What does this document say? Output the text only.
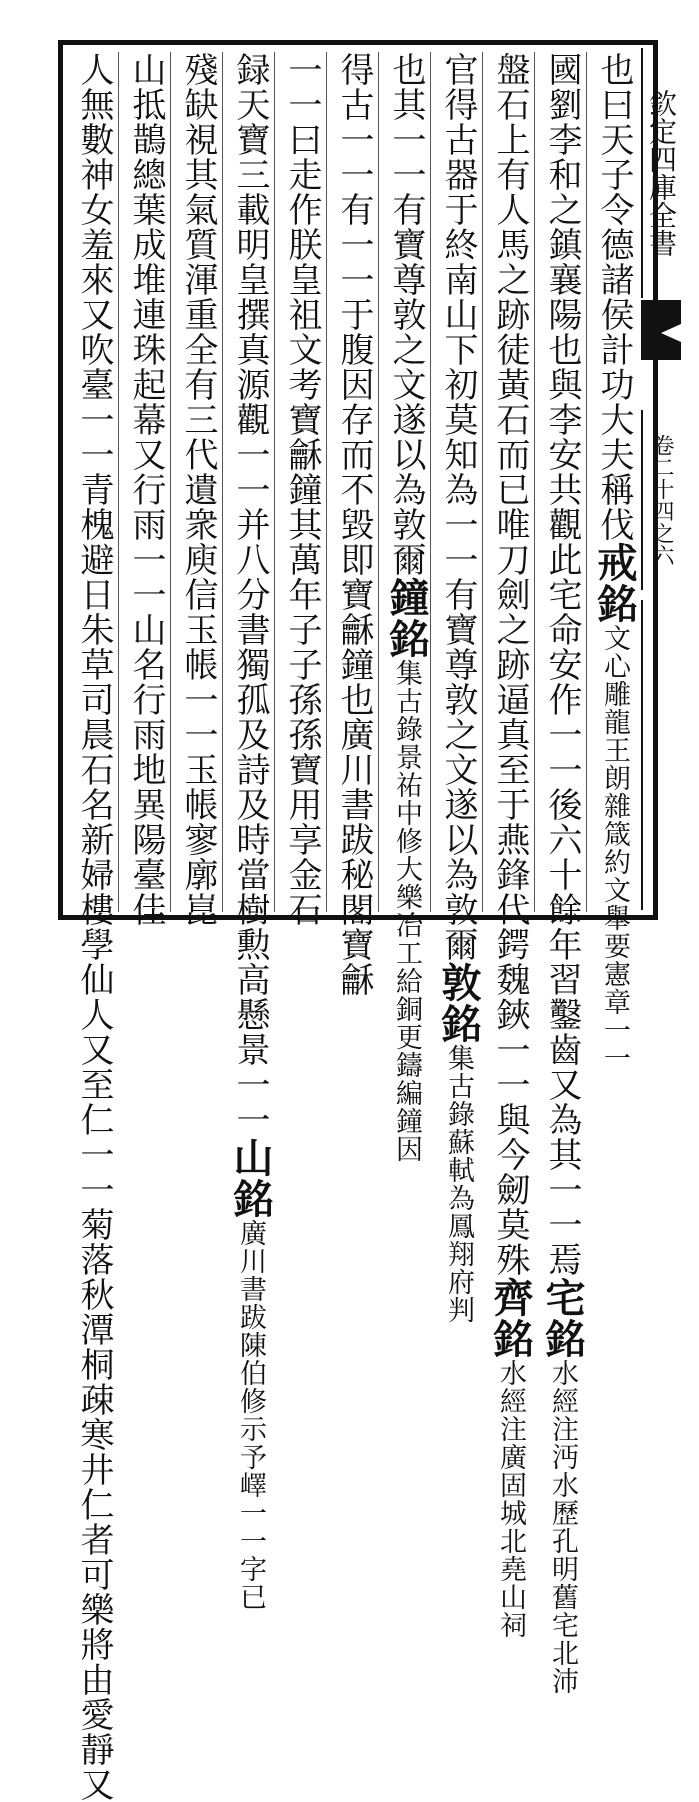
欽定四庫全書
卷二十四之六
也曰天子令德諸侯計功大夫稱伐戒銘文心雕龍王朗雜箴約文舉要憲章一一
國劉李和之鎮襄陽也與李安共觀此宅命安作一一後六十餘年習鑿齒又為其一一焉宅銘水經注沔水歷孔明舊宅北沛
盤石上有人馬之跡徒黃石而已唯刀劍之跡逼真至于燕鋒代鍔魏鋏一一與今劒莫殊齊銘水經注廣固城北堯山祠
官得古器于終南山下初莫知為一一有寶尊敦之文遂以為敦爾敦銘集古錄蘇軾為鳳翔府判
也其一一有寶尊敦之文遂以為敦爾鐘銘集古錄景祐中修大樂冶工給銅更鑄編鐘因
得古一一有一一于腹因存而不毀即寶龢鐘也廣川書跋秘閣寶龢
一一曰走作朕皇祖文考寶龢鐘其萬年子子孫孫寶用享金石
録天寶三載明皇撰真源觀一一并八分書獨孤及詩及時當樹勲高懸景一一山銘廣川書跋陳伯修示予嶧一一字已
殘缺視其氣質渾重全有三代遺衆庾信玉帳一一玉帳寥廓崑
山抵鵲總葉成堆連珠起幕又行雨一一山名行雨地異陽臺佳
人無數神女羞來又吹臺一一青槐避日朱草司晨石名新婦樓學仙人又至仁一一菊落秋潭桐疎寒井仁者可樂將由愛靜又
